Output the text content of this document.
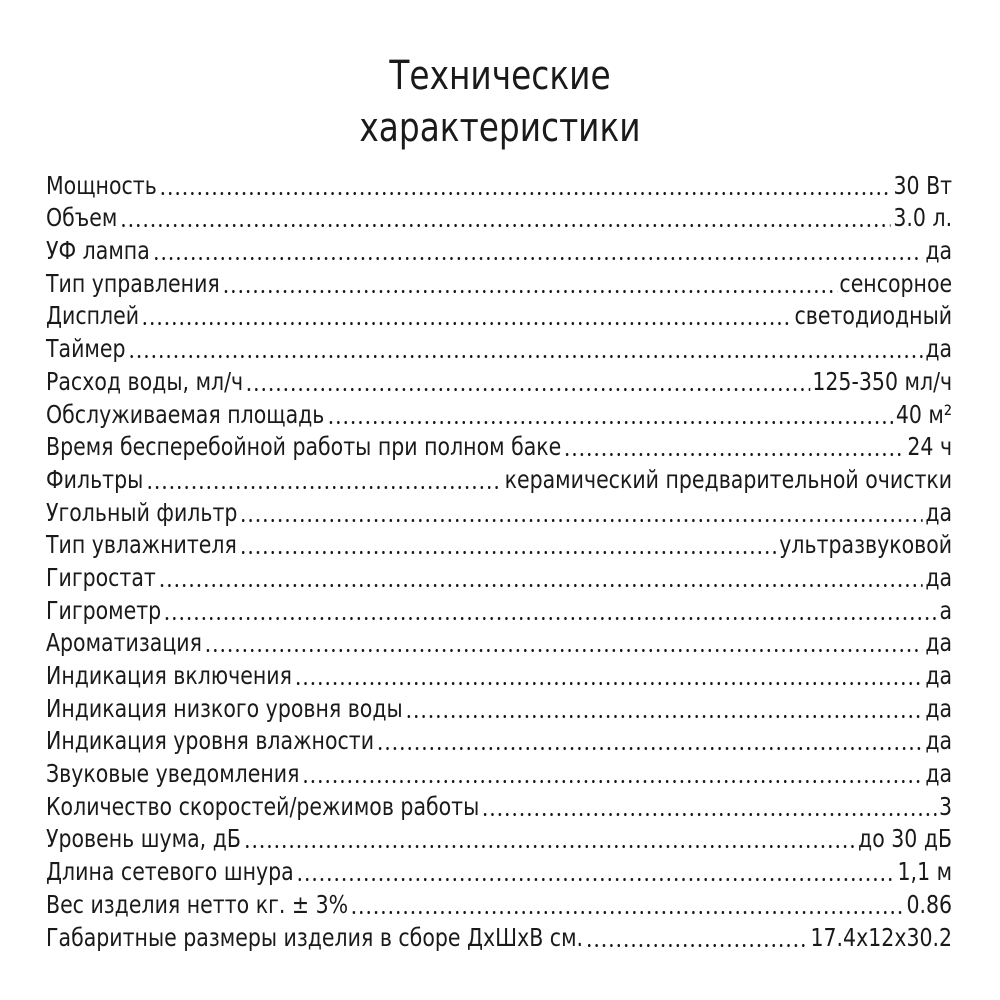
Технические
характеристики
Мощность	30 Вт
Объем	3.0 л.
УФ лампа	да
Тип управления	сенсорное
Дисплей	светодиодный
Таймер	да
Расход воды, мл/ч	125-350 мл/ч
Обслуживаемая площадь	40 м²
Время бесперебойной работы при полном баке	24 ч
Фильтры	керамический предварительной очистки
Угольный фильтр	да
Тип увлажнителя	ультразвуковой
Гигростат	да
Гигрометр	а
Ароматизация	да
Индикация включения	да
Индикация низкого уровня воды	да
Индикация уровня влажности	да
Звуковые уведомления	да
Количество скоростей/режимов работы	3
Уровень шума, дБ	до 30 дБ
Длина сетевого шнура	1,1 м
Вес изделия нетто кг. ± 3%	0.86
Габаритные размеры изделия в сборе ДхШхВ см.	17.4х12х30.2
